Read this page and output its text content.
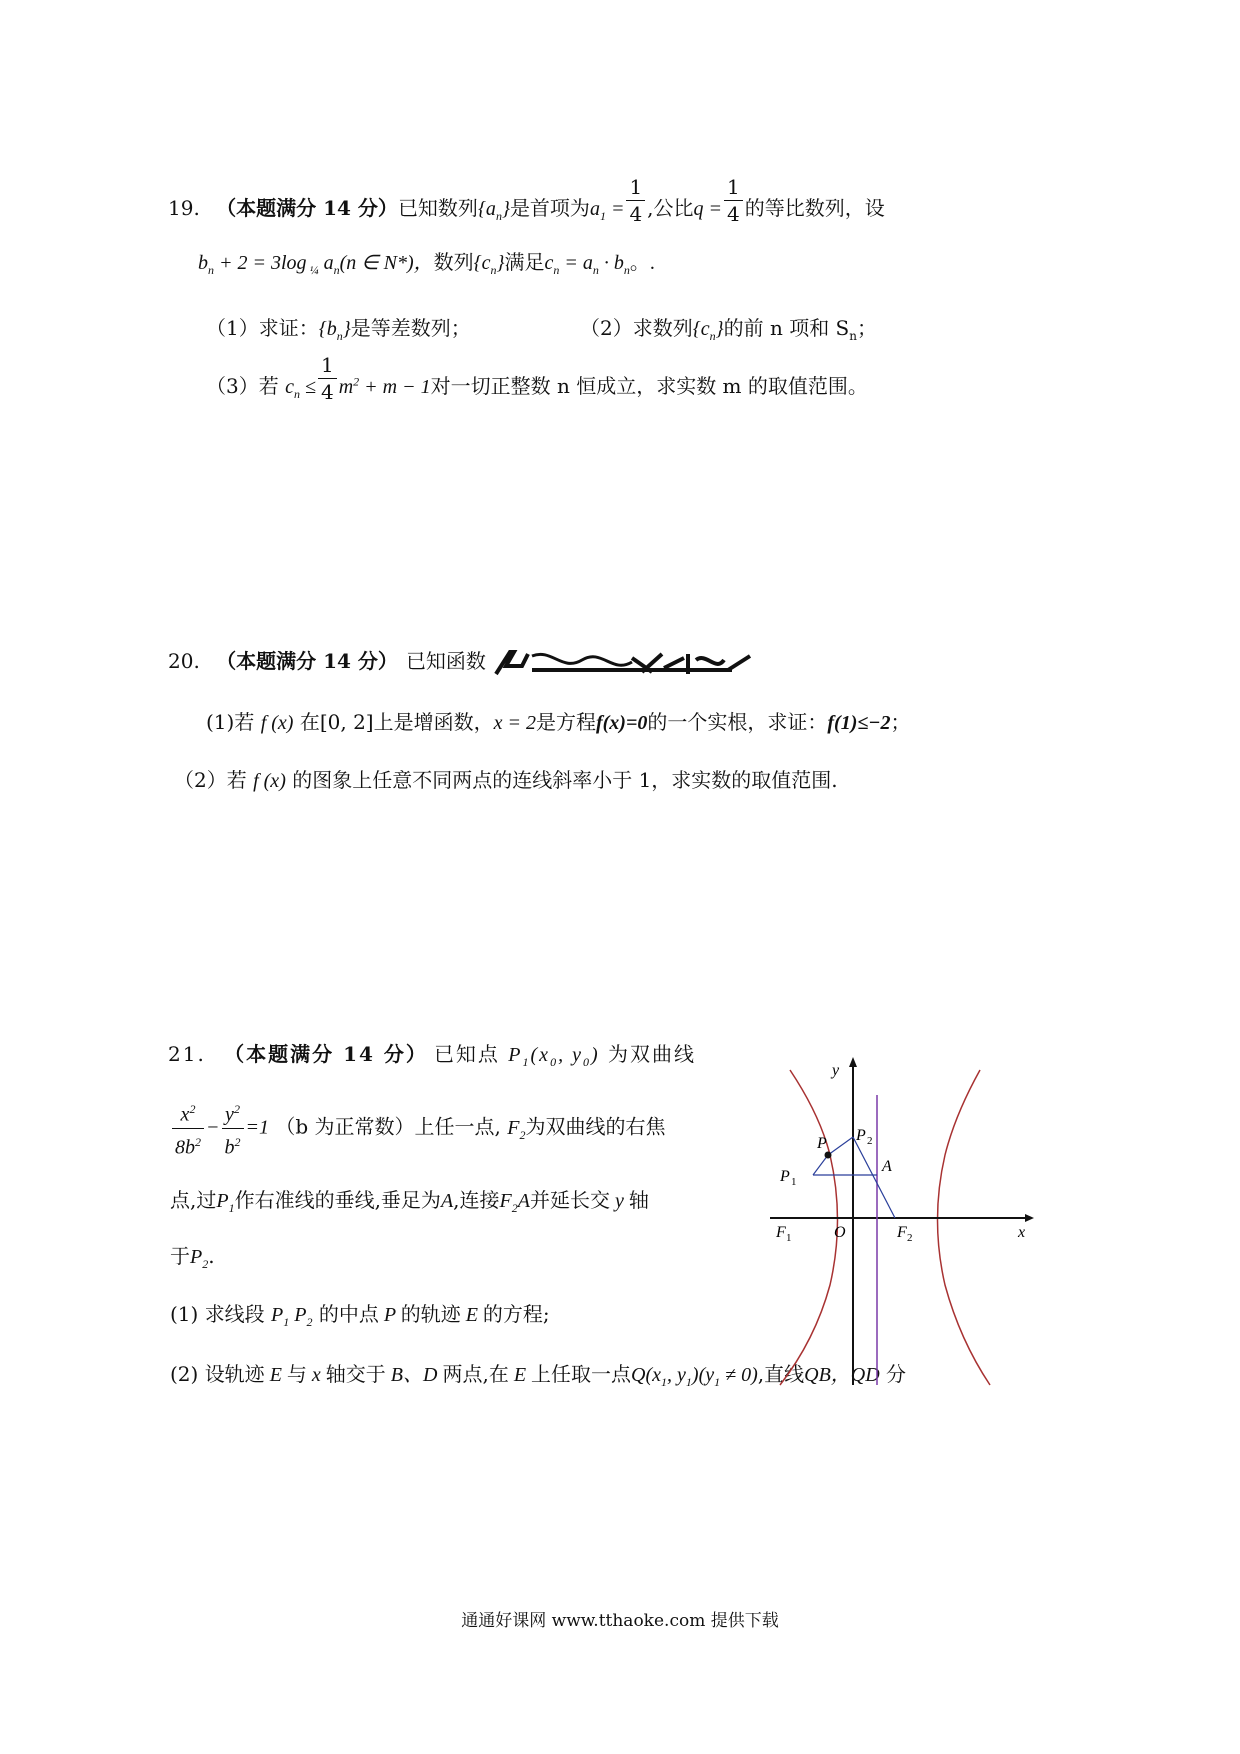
19. （本题满分 14 分）已知数列$\{a_n\}$是首项为$a_1 = \frac{1}{4}$ ,公比$q = \frac{1}{4}$ 的等比数列，设
$b_n + 2 = 3\log$ $_{\frac{1}{4}}$ $a_n(n$ ∈ N*)，数列$\{c_n\}$满足$c_n = a_n \cdot b_n$。.
（1）求证：$\{b_n\}$是等差数列；	（2）求数列$\{c_n\}$的前 n 项和 $S_n$；
（3）若 $c_n \le \frac{1}{4} m^2 + m - 1$对一切正整数 n 恒成立，求实数 m 的取值范围。
20. （本题满分 14 分） 已知函数
(1)若 f (x) 在[0, 2]上是增函数，x = 2是方程f(x)=0的一个实根，求证：f(1)≤−2；
（2）若 f (x) 的图象上任意不同两点的连线斜率小于 1，求实数的取值范围.
21. （本题满分 14 分） 已知点 $P_1(x_0$, $y_0$) 为双曲线
$\frac{x^2}{8b^2} - \frac{y^2}{b^2} =1$ （b 为正常数）上任一点, $F_2$为双曲线的右焦
点,过$P_1$作右准线的垂线,垂足为A,连接$F_2A$并延长交 y 轴
于$P_2$.
(1) 求线段 $P_1$ $P_2$ 的中点 P 的轨迹 E 的方程;
(2) 设轨迹 E 与 x 轴交于 B、D 两点,在 E 上任取一点$Q(x_1$, $y_1)(y_1 \ne 0)$,直线QB，QD 分
y
x
P P 2
A
P 1
F 1	O	F 2
通通好课网 www.tthaoke.com 提供下载
